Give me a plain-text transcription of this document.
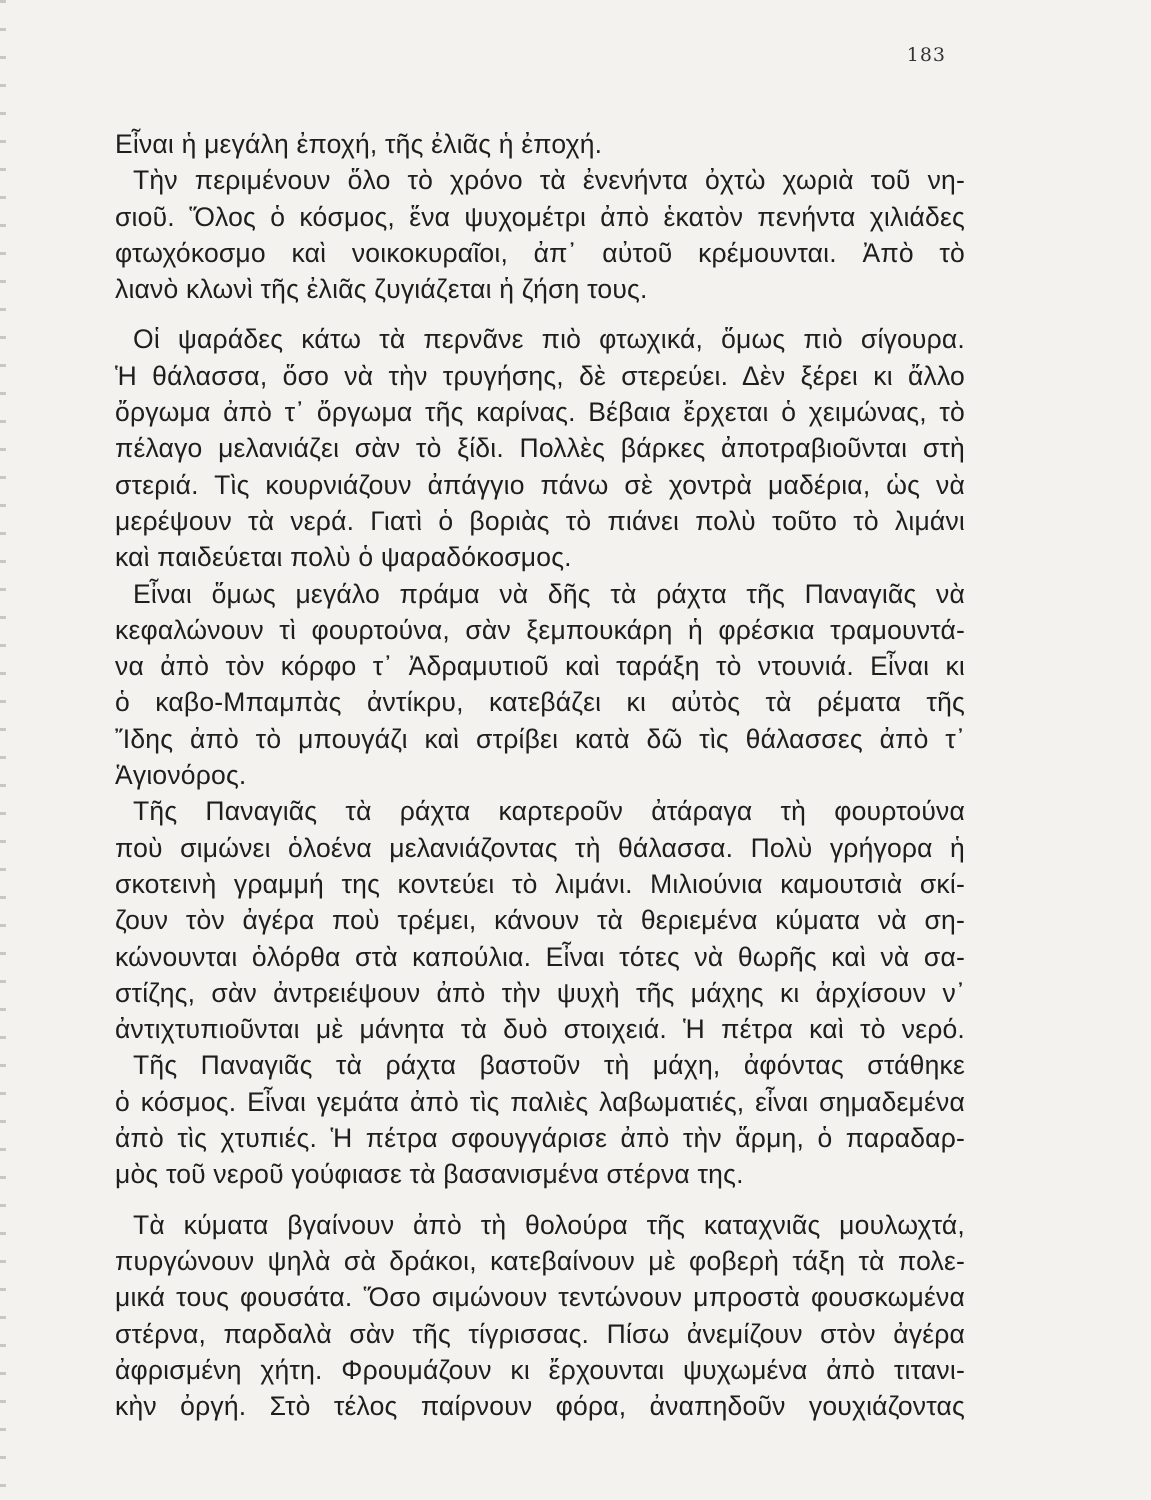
183
Εἶναι ἡ μεγάλη ἐποχή, τῆς ἐλιᾶς ἡ ἐποχή.
Τὴν περιμένουν ὅλο τὸ χρόνο τὰ ἐνενήντα ὀχτὼ χωριὰ τοῦ νη-
σιοῦ. Ὅλος ὁ κόσμος, ἕνα ψυχομέτρι ἀπὸ ἑκατὸν πενήντα χιλιάδες
φτωχόκοσμο καὶ νοικοκυραῖοι, ἀπ᾿ αὐτοῦ κρέμουνται. Ἀπὸ τὸ
λιανὸ κλωνὶ τῆς ἐλιᾶς ζυγιάζεται ἡ ζήση τους.
Οἱ ψαράδες κάτω τὰ περνᾶνε πιὸ φτωχικά, ὅμως πιὸ σίγουρα.
Ἡ θάλασσα, ὅσο νὰ τὴν τρυγήσης, δὲ στερεύει. Δὲν ξέρει κι ἄλλο
ὄργωμα ἀπὸ τ᾿ ὄργωμα τῆς καρίνας. Βέβαια ἔρχεται ὁ χειμώνας, τὸ
πέλαγο μελανιάζει σὰν τὸ ξίδι. Πολλὲς βάρκες ἀποτραβιοῦνται στὴ
στεριά. Τὶς κουρνιάζουν ἀπάγγιο πάνω σὲ χοντρὰ μαδέρια, ὡς νὰ
μερέψουν τὰ νερά. Γιατὶ ὁ βοριὰς τὸ πιάνει πολὺ τοῦτο τὸ λιμάνι
καὶ παιδεύεται πολὺ ὁ ψαραδόκοσμος.
Εἶναι ὅμως μεγάλο πράμα νὰ δῆς τὰ ράχτα τῆς Παναγιᾶς νὰ
κεφαλώνουν τὶ φουρτούνα, σὰν ξεμπουκάρη ἡ φρέσκια τραμουντά-
να ἀπὸ τὸν κόρφο τ᾿ Ἀδραμυτιοῦ καὶ ταράξη τὸ ντουνιά. Εἶναι κι
ὁ καβο-Μπαμπὰς ἀντίκρυ, κατεβάζει κι αὐτὸς τὰ ρέματα τῆς
Ἴδης ἀπὸ τὸ μπουγάζι καὶ στρίβει κατὰ δῶ τὶς θάλασσες ἀπὸ τ᾿
Ἁγιονόρος.
Τῆς Παναγιᾶς τὰ ράχτα καρτεροῦν ἀτάραγα τὴ φουρτούνα
ποὺ σιμώνει ὁλοένα μελανιάζοντας τὴ θάλασσα. Πολὺ γρήγορα ἡ
σκοτεινὴ γραμμή της κοντεύει τὸ λιμάνι. Μιλιούνια καμουτσιὰ σκί-
ζουν τὸν ἀγέρα ποὺ τρέμει, κάνουν τὰ θεριεμένα κύματα νὰ ση-
κώνουνται ὁλόρθα στὰ καπούλια. Εἶναι τότες νὰ θωρῆς καὶ νὰ σα-
στίζης, σὰν ἀντρειέψουν ἀπὸ τὴν ψυχὴ τῆς μάχης κι ἀρχίσουν ν᾿
ἀντιχτυπιοῦνται μὲ μάνητα τὰ δυὸ στοιχειά. Ἡ πέτρα καὶ τὸ νερό.
Τῆς Παναγιᾶς τὰ ράχτα βαστοῦν τὴ μάχη, ἀφόντας στάθηκε
ὁ κόσμος. Εἶναι γεμάτα ἀπὸ τὶς παλιὲς λαβωματιές, εἶναι σημαδεμένα
ἀπὸ τὶς χτυπιές. Ἡ πέτρα σφουγγάρισε ἀπὸ τὴν ἅρμη, ὁ παραδαρ-
μὸς τοῦ νεροῦ γούφιασε τὰ βασανισμένα στέρνα της.
Τὰ κύματα βγαίνουν ἀπὸ τὴ θολούρα τῆς καταχνιᾶς μουλωχτά,
πυργώνουν ψηλὰ σὰ δράκοι, κατεβαίνουν μὲ φοβερὴ τάξη τὰ πολε-
μικά τους φουσάτα. Ὅσο σιμώνουν τεντώνουν μπροστὰ φουσκωμένα
στέρνα, παρδαλὰ σὰν τῆς τίγρισσας. Πίσω ἀνεμίζουν στὸν ἀγέρα
ἀφρισμένη χήτη. Φρουμάζουν κι ἔρχουνται ψυχωμένα ἀπὸ τιτανι-
κὴν ὀργή. Στὸ τέλος παίρνουν φόρα, ἀναπηδοῦν γουχιάζοντας
